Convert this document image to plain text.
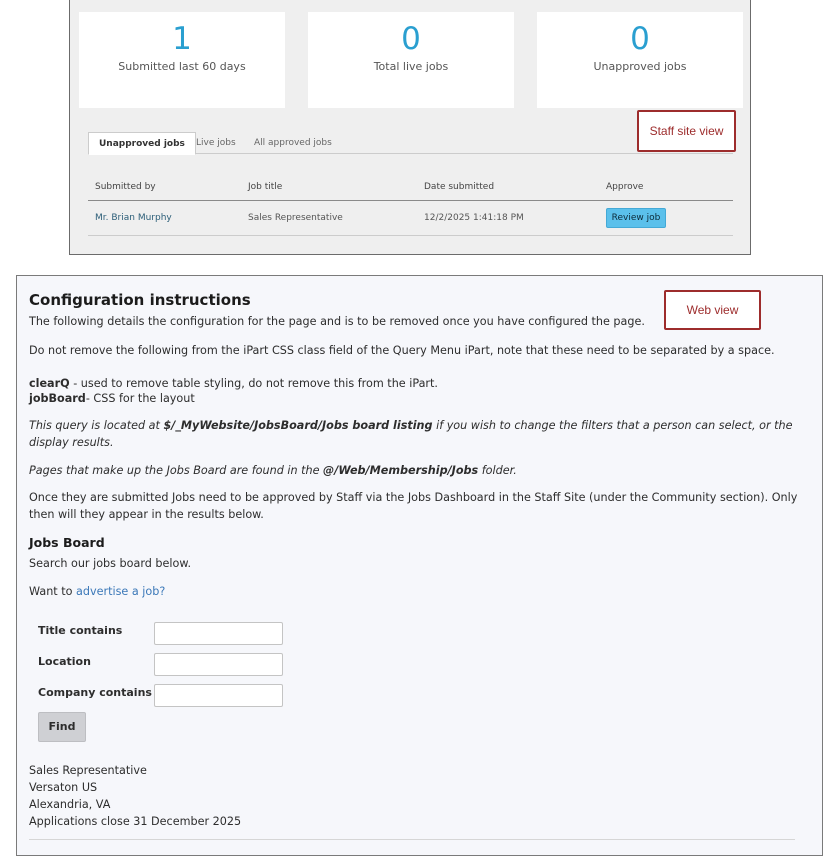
1
Submitted last 60 days
0
Total live jobs
0
Unapproved jobs
Unapproved jobs	Live jobs	All approved jobs
Submitted by	Job title	Date submitted	Approve
Mr. Brian Murphy	Sales Representative	12/2/2025 1:41:18 PM	Review job
Staff site view
Configuration instructions
The following details the configuration for the page and is to be removed once you have configured the page.
Do not remove the following from the iPart CSS class field of the Query Menu iPart, note that these need to be separated by a space.
clearQ - used to remove table styling, do not remove this from the iPart.
jobBoard- CSS for the layout
This query is located at $/_MyWebsite/JobsBoard/Jobs board listing if you wish to change the filters that a person can select, or the display results.
Pages that make up the Jobs Board are found in the @/Web/Membership/Jobs folder.
Once they are submitted Jobs need to be approved by Staff via the Jobs Dashboard in the Staff Site (under the Community section). Only then will they appear in the results below.
Jobs Board
Search our jobs board below.
Want to advertise a job?
Title contains
Location
Company contains
Find
Sales Representative
Versaton US
Alexandria, VA
Applications close 31 December 2025
Web view
